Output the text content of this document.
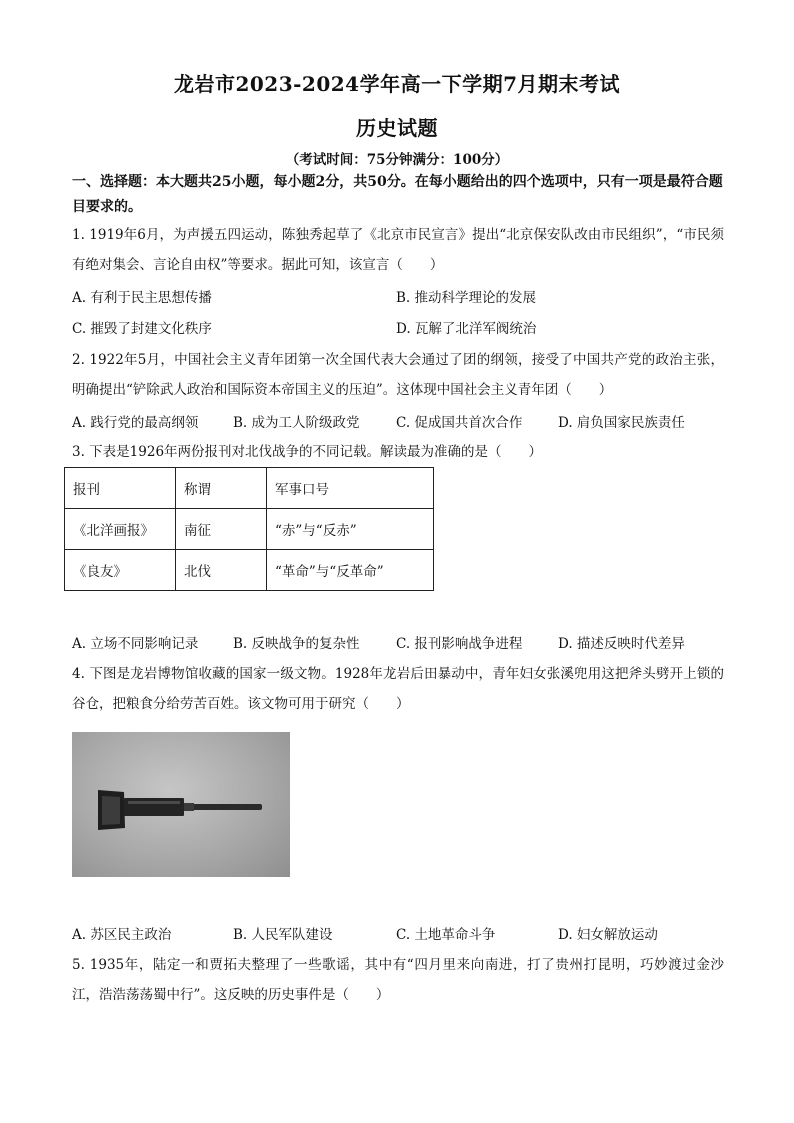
龙岩市2023-2024学年高一下学期7月期末考试
历史试题
（考试时间：75分钟满分：100分）
一、选择题：本大题共25小题，每小题2分，共50分。在每小题给出的四个选项中，只有一项是最符合题目要求的。
1. 1919年6月，为声援五四运动，陈独秀起草了《北京市民宣言》提出“北京保安队改由市民组织”，“市民须有绝对集会、言论自由权”等要求。据此可知，该宣言（　　）
A. 有利于民主思想传播	B. 推动科学理论的发展
C. 摧毁了封建文化秩序	D. 瓦解了北洋军阀统治
2. 1922年5月，中国社会主义青年团第一次全国代表大会通过了团的纲领，接受了中国共产党的政治主张，明确提出“铲除武人政治和国际资本帝国主义的压迫”。这体现中国社会主义青年团（　　）
A. 践行党的最高纲领	B. 成为工人阶级政党	C. 促成国共首次合作	D. 肩负国家民族责任
3. 下表是1926年两份报刊对北伐战争的不同记载。解读最为准确的是（　　）
报刊	称谓	军事口号
《北洋画报》	南征	“赤”与“反赤”
《良友》	北伐	“革命”与“反革命”
A. 立场不同影响记录	B. 反映战争的复杂性	C. 报刊影响战争进程	D. 描述反映时代差异
4. 下图是龙岩博物馆收藏的国家一级文物。1928年龙岩后田暴动中，青年妇女张溪兜用这把斧头劈开上锁的谷仓，把粮食分给劳苦百姓。该文物可用于研究（　　）
A. 苏区民主政治	B. 人民军队建设	C. 土地革命斗争	D. 妇女解放运动
5. 1935年，陆定一和贾拓夫整理了一些歌谣，其中有“四月里来向南进，打了贵州打昆明，巧妙渡过金沙江，浩浩荡荡蜀中行”。这反映的历史事件是（　　）
